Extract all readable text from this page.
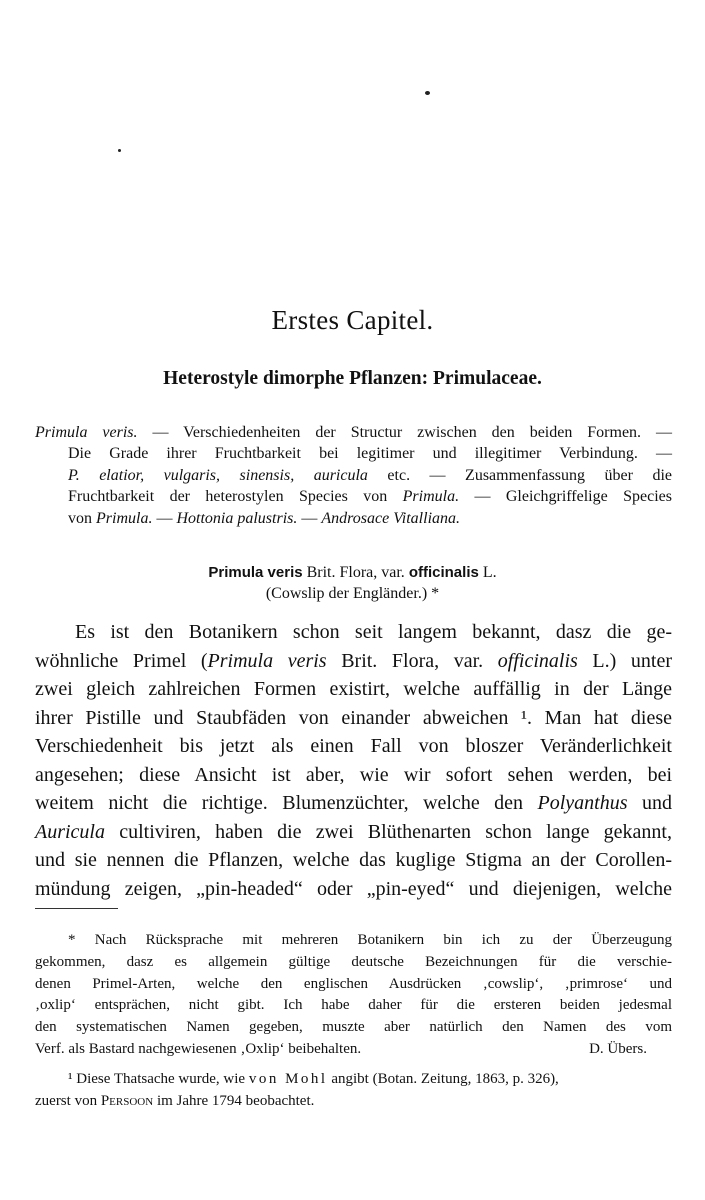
Erstes Capitel.
Heterostyle dimorphe Pflanzen: Primulaceae.

Primula veris. — Verschiedenheiten der Structur zwischen den beiden Formen. —
Die Grade ihrer Fruchtbarkeit bei legitimer und illegitimer Verbindung. —
P. elatior, vulgaris, sinensis, auricula etc. — Zusammenfassung über die
Fruchtbarkeit der heterostylen Species von Primula. — Gleichgriffelige Species
von Primula. — Hottonia palustris. — Androsace Vitalliana.

Primula veris Brit. Flora, var. officinalis L.
(Cowslip der Engländer.) *

Es ist den Botanikern schon seit langem bekannt, dasz die ge-
wöhnliche Primel (Primula veris Brit. Flora, var. officinalis L.) unter
zwei gleich zahlreichen Formen existirt, welche auffällig in der Länge
ihrer Pistille und Staubfäden von einander abweichen ¹. Man hat diese
Verschiedenheit bis jetzt als einen Fall von bloszer Veränderlichkeit
angesehen; diese Ansicht ist aber, wie wir sofort sehen werden, bei
weitem nicht die richtige. Blumenzüchter, welche den Polyanthus und
Auricula cultiviren, haben die zwei Blüthenarten schon lange gekannt,
und sie nennen die Pflanzen, welche das kuglige Stigma an der Corollen-
mündung zeigen, „pin-headed“ oder „pin-eyed“ und diejenigen, welche

* Nach Rücksprache mit mehreren Botanikern bin ich zu der Überzeugung
gekommen, dasz es allgemein gültige deutsche Bezeichnungen für die verschie-
denen Primel-Arten, welche den englischen Ausdrücken ‚cowslip‘, ‚primrose‘ und
‚oxlip‘ entsprächen, nicht gibt. Ich habe daher für die ersteren beiden jedesmal
den systematischen Namen gegeben, muszte aber natürlich den Namen des vom
Verf. als Bastard nachgewiesenen ‚Oxlip‘ beibehalten.	D. Übers.
¹ Diese Thatsache wurde, wie von Mohl angibt (Botan. Zeitung, 1863, p. 326),
zuerst von Persoon im Jahre 1794 beobachtet.
